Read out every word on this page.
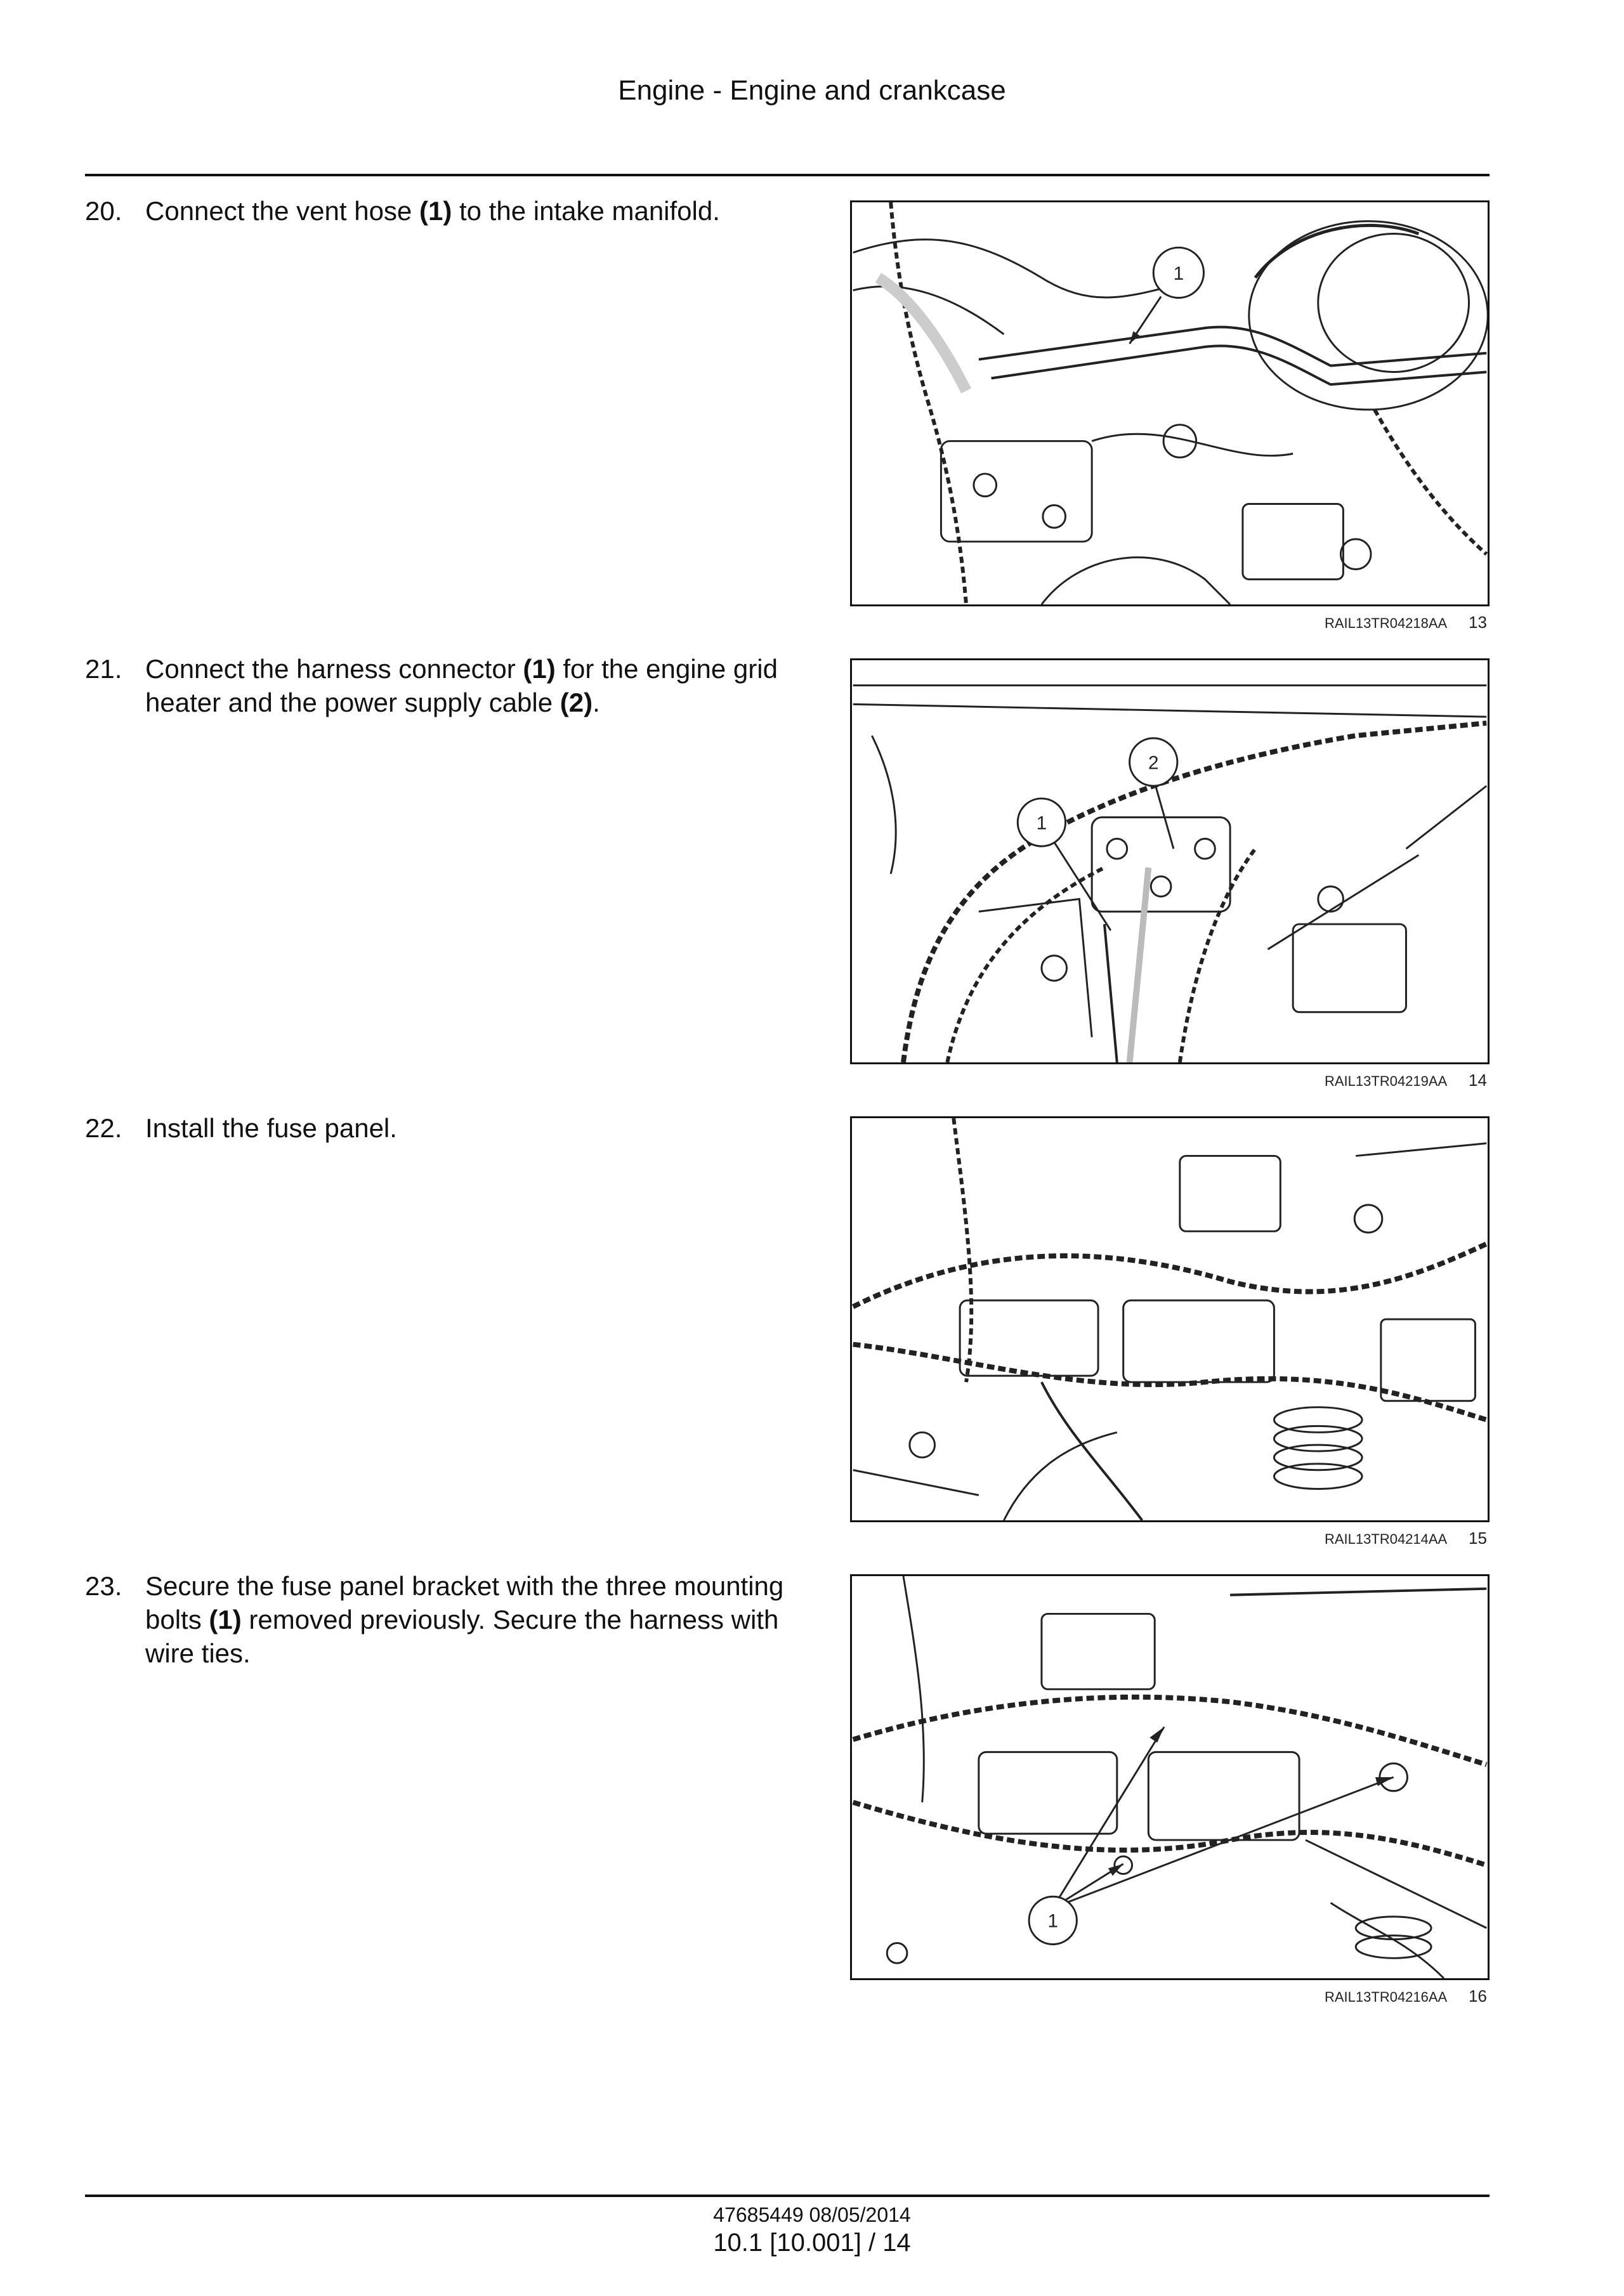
Engine - Engine and crankcase
20. Connect the vent hose (1) to the intake manifold.
1
RAIL13TR04218AA 13
21. Connect the harness connector (1) for the engine grid heater and the power supply cable (2).
1
2
RAIL13TR04219AA 14
22. Install the fuse panel.
RAIL13TR04214AA 15
23. Secure the fuse panel bracket with the three mounting bolts (1) removed previously. Secure the harness with wire ties.
1
RAIL13TR04216AA 16
47685449 08/05/2014
10.1 [10.001] / 14
